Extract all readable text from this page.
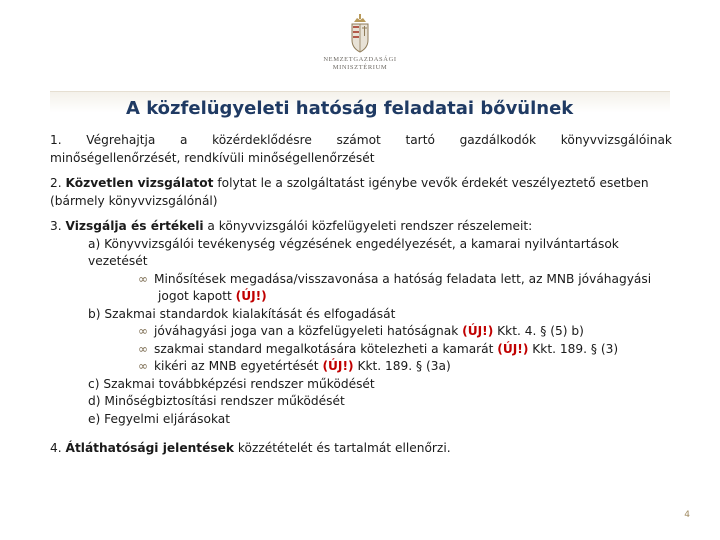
NEMZETGAZDASÁGI
MINISZTÉRIUM
A közfelügyeleti hatóság feladatai bővülnek

1. Végrehajtja a közérdeklődésre számot tartó gazdálkodók könyvvizsgálóinak

minőségellenőrzését, rendkívüli minőségellenőrzését

2. Közvetlen vizsgálatot folytat le a szolgáltatást igénybe vevők érdekét veszélyeztető esetben

(bármely könyvvizsgálónál)

3. Vizsgálja és értékeli a könyvvizsgálói közfelügyeleti rendszer részelemeit:

a) Könyvvizsgálói tevékenység végzésének engedélyezését, a kamarai nyilvántartások vezetését

∞ Minősítések megadása/visszavonása a hatóság feladata lett, az MNB jóváhagyási

jogot kapott (ÚJ!)

b) Szakmai standardok kialakítását és elfogadását

∞ jóváhagyási joga van a közfelügyeleti hatóságnak (ÚJ!) Kkt. 4. § (5) b)

∞ szakmai standard megalkotására kötelezheti a kamarát (ÚJ!) Kkt. 189. § (3)

∞ kikéri az MNB egyetértését (ÚJ!) Kkt. 189. § (3a)

c) Szakmai továbbképzési rendszer működését

d) Minőségbiztosítási rendszer működését

e) Fegyelmi eljárásokat

4. Átláthatósági jelentések közzétételét és tartalmát ellenőrzi.

4
